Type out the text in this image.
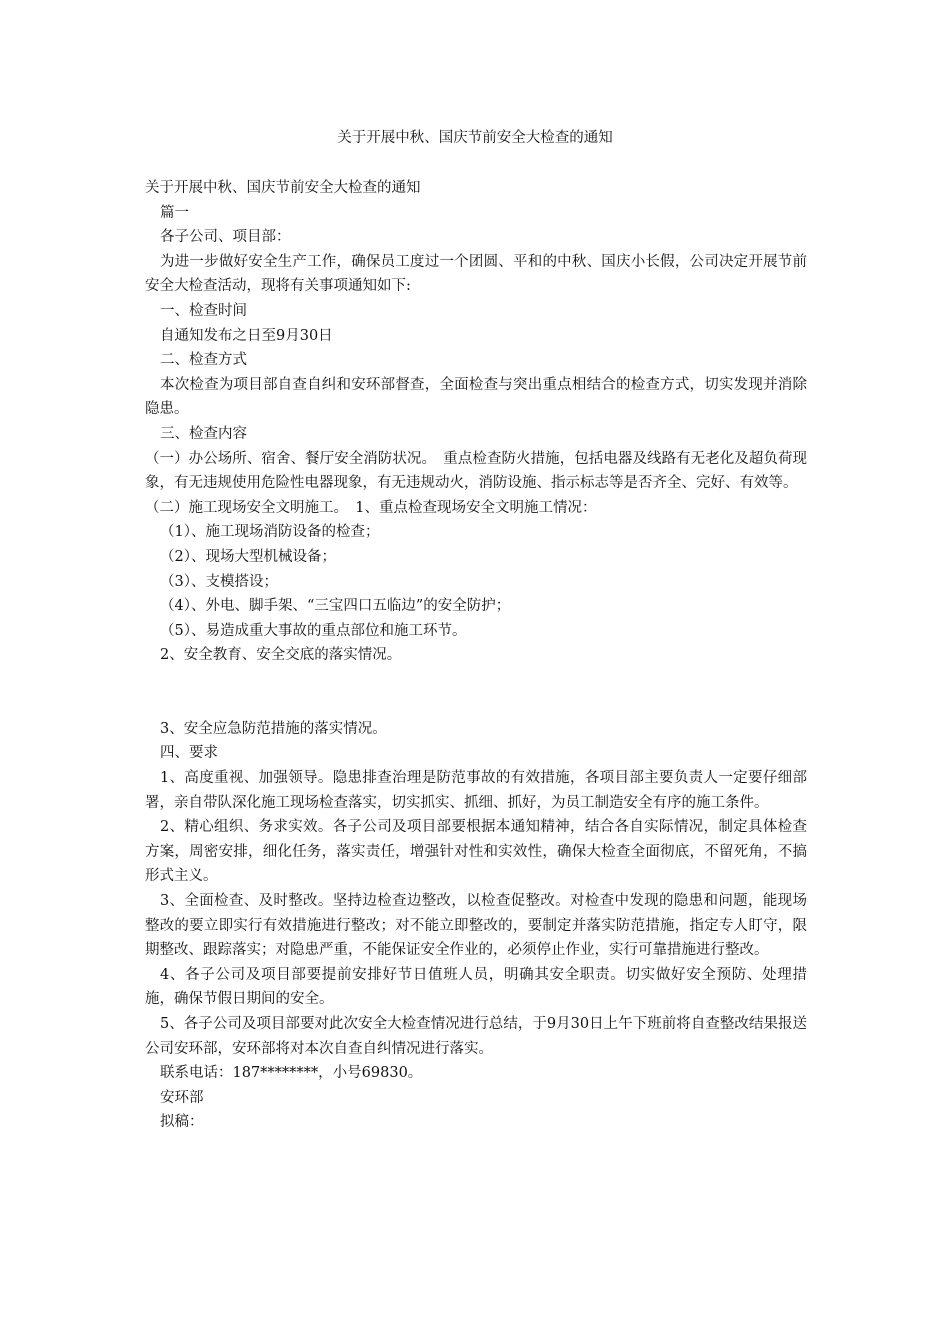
关于开展中秋、国庆节前安全大检查的通知
关于开展中秋、国庆节前安全大检查的通知
篇一
各子公司、项目部：
为进一步做好安全生产工作，确保员工度过一个团圆、平和的中秋、国庆小长假，公司决定开展节前安全大检查活动，现将有关事项通知如下:
一、检查时间
自通知发布之日至9月30日
二、检查方式
本次检查为项目部自查自纠和安环部督查，全面检查与突出重点相结合的检查方式，切实发现并消除隐患。
三、检查内容
（一）办公场所、宿舍、餐厅安全消防状况。　重点检查防火措施，包括电器及线路有无老化及超负荷现象，有无违规使用危险性电器现象，有无违规动火，消防设施、指示标志等是否齐全、完好、有效等。
（二）施工现场安全文明施工。　1、重点检查现场安全文明施工情况：
（1）、施工现场消防设备的检查；
（2）、现场大型机械设备；
（3）、支模搭设；
（4）、外电、脚手架、“三宝四口五临边”的安全防护；
（5）、易造成重大事故的重点部位和施工环节。
2、安全教育、安全交底的落实情况。
3、安全应急防范措施的落实情况。
四、要求
1、高度重视、加强领导。隐患排查治理是防范事故的有效措施，各项目部主要负责人一定要仔细部署，亲自带队深化施工现场检查落实，切实抓实、抓细、抓好，为员工制造安全有序的施工条件。
2、精心组织、务求实效。各子公司及项目部要根据本通知精神，结合各自实际情况，制定具体检查方案，周密安排，细化任务，落实责任，增强针对性和实效性，确保大检查全面彻底，不留死角，不搞形式主义。
3、全面检查、及时整改。坚持边检查边整改，以检查促整改。对检查中发现的隐患和问题，能现场整改的要立即实行有效措施进行整改；对不能立即整改的，要制定并落实防范措施，指定专人盯守，限期整改、跟踪落实；对隐患严重，不能保证安全作业的，必须停止作业，实行可靠措施进行整改。
4、各子公司及项目部要提前安排好节日值班人员，明确其安全职责。切实做好安全预防、处理措施，确保节假日期间的安全。
5、各子公司及项目部要对此次安全大检查情况进行总结，于9月30日上午下班前将自查整改结果报送公司安环部，安环部将对本次自查自纠情况进行落实。
联系电话：187********，小号69830。
安环部
拟稿：
